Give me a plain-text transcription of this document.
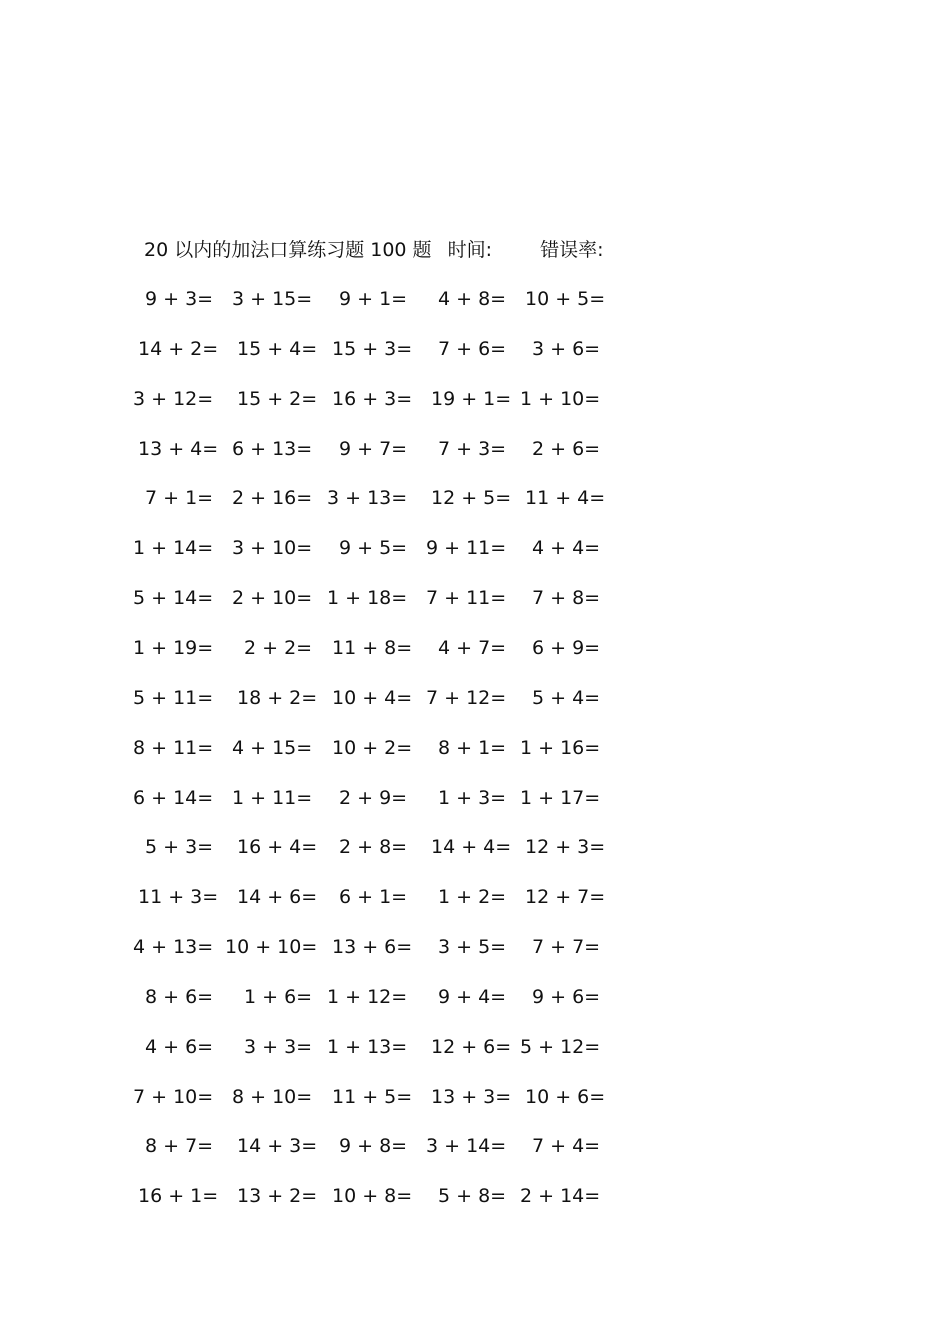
20 以内的加法口算练习题 100 题 时间:	错误率:
9 + 3= 3 + 15= 9 + 1= 4 + 8= 10 + 5=
14 + 2= 15 + 4= 15 + 3= 7 + 6= 3 + 6=
3 + 12= 15 + 2= 16 + 3= 19 + 1= 1 + 10=
13 + 4= 6 + 13= 9 + 7= 7 + 3= 2 + 6=
7 + 1= 2 + 16= 3 + 13= 12 + 5= 11 + 4=
1 + 14= 3 + 10= 9 + 5= 9 + 11= 4 + 4=
5 + 14= 2 + 10= 1 + 18= 7 + 11= 7 + 8=
1 + 19= 2 + 2= 11 + 8= 4 + 7= 6 + 9=
5 + 11= 18 + 2= 10 + 4= 7 + 12= 5 + 4=
8 + 11= 4 + 15= 10 + 2= 8 + 1= 1 + 16=
6 + 14= 1 + 11= 2 + 9= 1 + 3= 1 + 17=
5 + 3= 16 + 4= 2 + 8= 14 + 4= 12 + 3=
11 + 3= 14 + 6= 6 + 1= 1 + 2= 12 + 7=
4 + 13= 10 + 10= 13 + 6= 3 + 5= 7 + 7=
8 + 6= 1 + 6= 1 + 12= 9 + 4= 9 + 6=
4 + 6= 3 + 3= 1 + 13= 12 + 6= 5 + 12=
7 + 10= 8 + 10= 11 + 5= 13 + 3= 10 + 6=
8 + 7= 14 + 3= 9 + 8= 3 + 14= 7 + 4=
16 + 1= 13 + 2= 10 + 8= 5 + 8= 2 + 14=
